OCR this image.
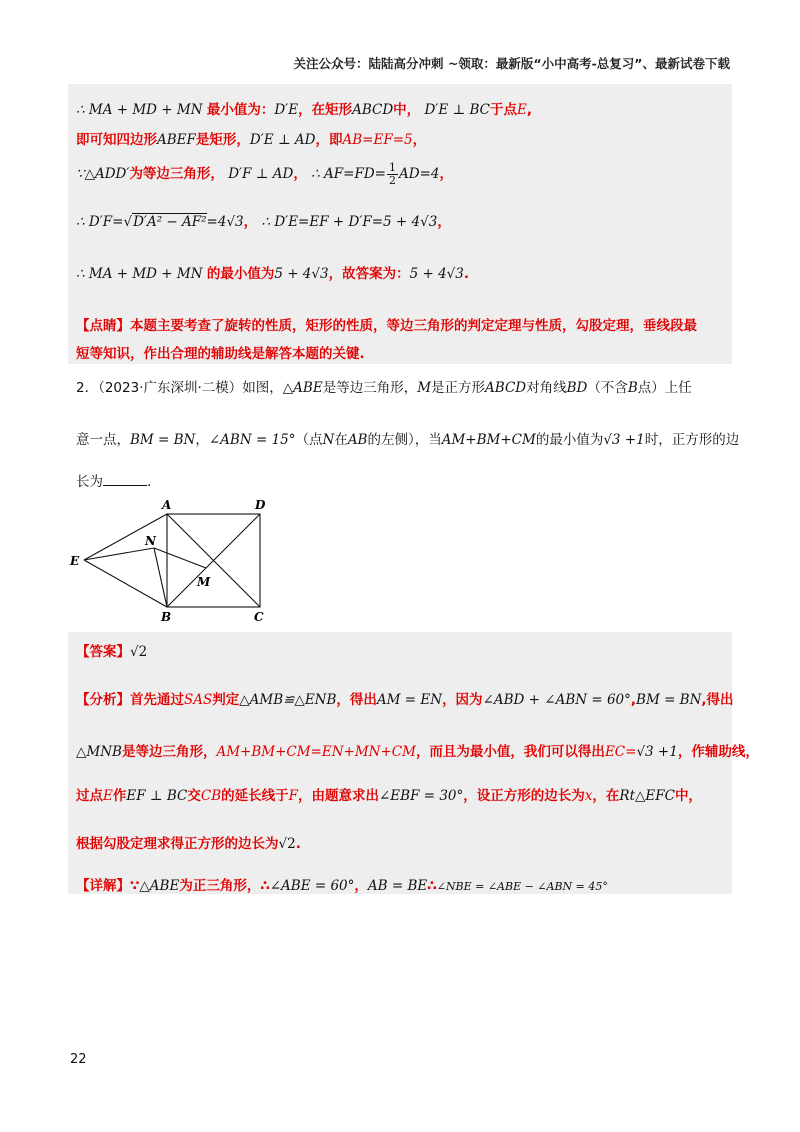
关注公众号：陆陆高分冲刺 ~领取：最新版“小中高考-总复习”、最新试卷下载
∴ MA + MD + MN 最小值为：D′E，在矩形ABCD中， D′E ⊥ BC于点E,
即可知四边形ABEF是矩形，D′E ⊥ AD，即AB=EF=5，
∵△ADD′为等边三角形， D′F ⊥ AD， ∴ $AF=FD= \frac{1}{2} AD=4$，
∴ D′F=√D′A² − AF²=4√3， ∴ D′E=EF + D′F=5 + 4√3，
∴ MA + MD + MN 的最小值为5 + 4√3，故答案为：5 + 4√3.
【点睛】本题主要考查了旋转的性质，矩形的性质，等边三角形的判定定理与性质，勾股定理，垂线段最
短等知识，作出合理的辅助线是解答本题的关键.
2．（2023·广东深圳·二模）如图，△ABE是等边三角形，M是正方形ABCD对角线BD（不含B点）上任
意一点，BM = BN，∠ABN = 15°（点N在AB的左侧），当AM+BM+CM的最小值为√3 +1时，正方形的边
长为	.
A	D
E
N
M
B	C
【答案】√2
【分析】首先通过SAS判定△AMB≌△ENB，得出AM = EN，因为∠ABD + ∠ABN = 60°,BM = BN,得出
△MNB是等边三角形，AM+BM+CM=EN+MN+CM，而且为最小值，我们可以得出EC=√3 +1，作辅助线，
过点E作EF ⊥ BC交CB的延长线于F，由题意求出∠EBF = 30°，设正方形的边长为x，在Rt△EFC中，
根据勾股定理求得正方形的边长为√2.
【详解】∵△ABE为正三角形，∴∠ABE = 60°，AB = BE∴∠NBE = ∠ABE − ∠ABN = 45°
22
